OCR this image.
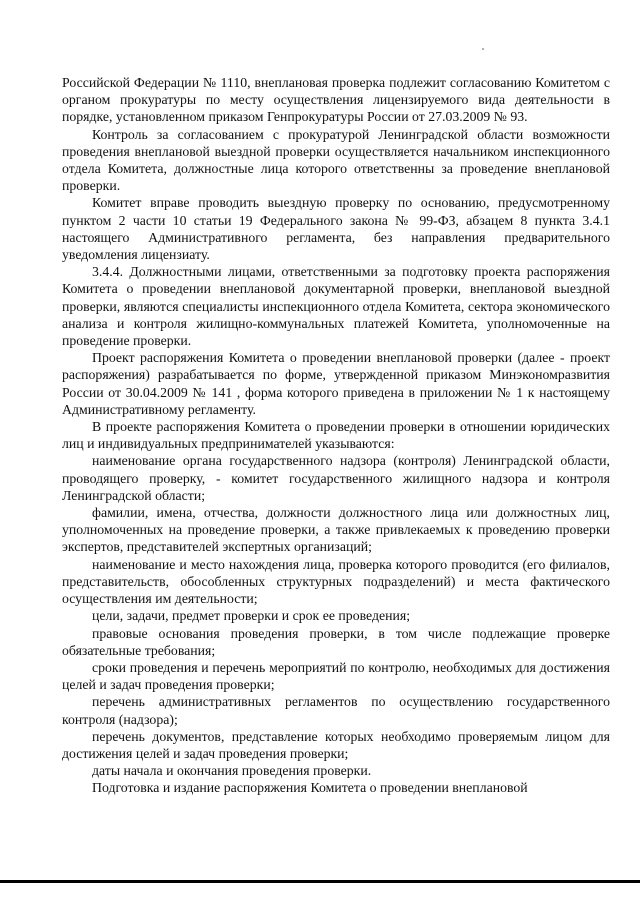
Российской Федерации № 1110, внеплановая проверка подлежит согласованию Комитетом с органом прокуратуры по месту осуществления лицензируемого вида деятельности в порядке, установленном приказом Генпрокуратуры России от 27.03.2009 № 93.

Контроль за согласованием с прокуратурой Ленинградской области возможности проведения внеплановой выездной проверки осуществляется начальником инспекционного отдела Комитета, должностные лица которого ответственны за проведение внеплановой проверки.

Комитет вправе проводить выездную проверку по основанию, предусмотренному пунктом 2 части 10 статьи 19 Федерального закона № 99-ФЗ, абзацем 8 пункта 3.4.1 настоящего Административного регламента, без направления предварительного уведомления лицензиату.

3.4.4. Должностными лицами, ответственными за подготовку проекта распоряжения Комитета о проведении внеплановой документарной проверки, внеплановой выездной проверки, являются специалисты инспекционного отдела Комитета, сектора экономического анализа и контроля жилищно-коммунальных платежей Комитета, уполномоченные на проведение проверки.

Проект распоряжения Комитета о проведении внеплановой проверки (далее - проект распоряжения) разрабатывается по форме, утвержденной приказом Минэкономразвития России от 30.04.2009 № 141 , форма которого приведена в приложении № 1 к настоящему Административному регламенту.

В проекте распоряжения Комитета о проведении проверки в отношении юридических лиц и индивидуальных предпринимателей указываются:

наименование органа государственного надзора (контроля) Ленинградской области, проводящего проверку, - комитет государственного жилищного надзора и контроля Ленинградской области;

фамилии, имена, отчества, должности должностного лица или должностных лиц, уполномоченных на проведение проверки, а также привлекаемых к проведению проверки экспертов, представителей экспертных организаций;

наименование и место нахождения лица, проверка которого проводится (его филиалов, представительств, обособленных структурных подразделений) и места фактического осуществления им деятельности;

цели, задачи, предмет проверки и срок ее проведения;

правовые основания проведения проверки, в том числе подлежащие проверке обязательные требования;

сроки проведения и перечень мероприятий по контролю, необходимых для достижения целей и задач проведения проверки;

перечень административных регламентов по осуществлению государственного контроля (надзора);

перечень документов, представление которых необходимо проверяемым лицом для достижения целей и задач проведения проверки;

даты начала и окончания проведения проверки.

Подготовка и издание распоряжения Комитета о проведении внеплановой
